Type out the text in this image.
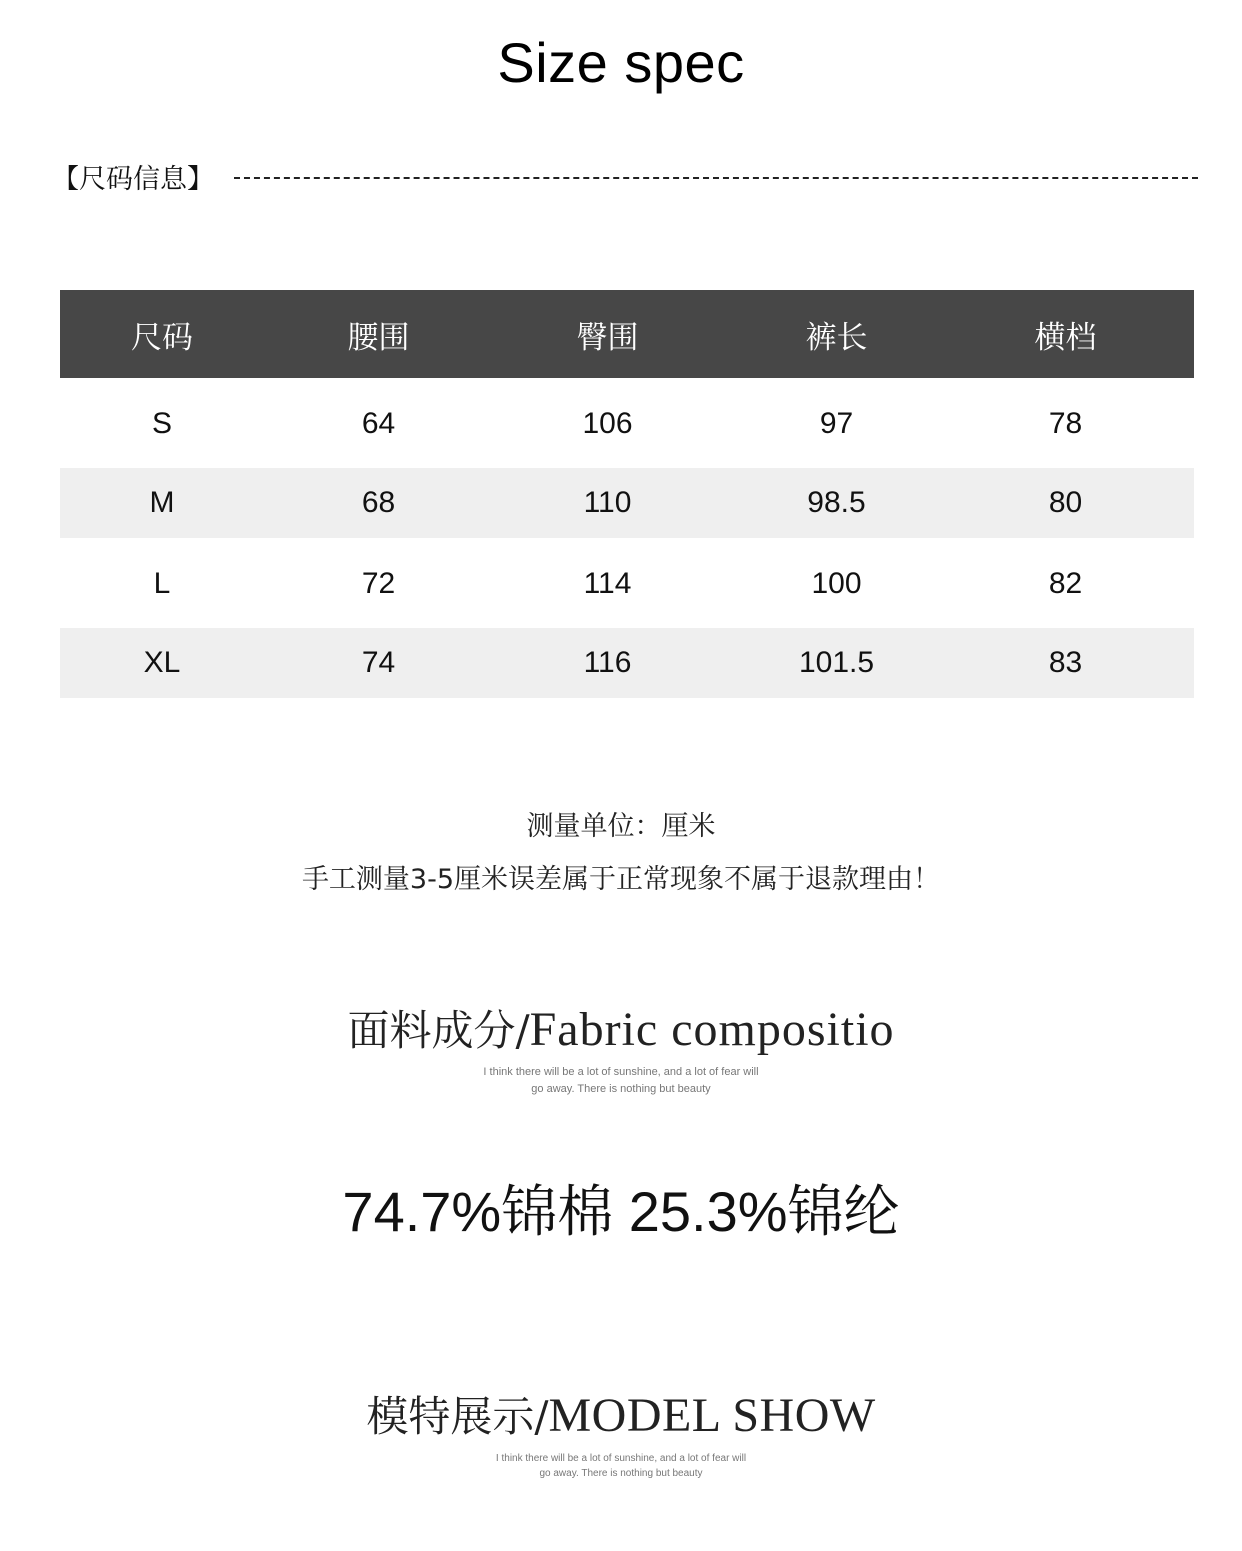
Size spec
【尺码信息】
尺码	腰围	臀围	裤长	横档
S	64	106	97	78
M	68	110	98.5	80
L	72	114	100	82
XL	74	116	101.5	83
测量单位：厘米
手工测量3-5厘米误差属于正常现象不属于退款理由！
面料成分/Fabric compositio
I think there will be a lot of sunshine, and a lot of fear will
go away. There is nothing but beauty
74.7%锦棉 25.3%锦纶
模特展示/MODEL SHOW
I think there will be a lot of sunshine, and a lot of fear will
go away. There is nothing but beauty
